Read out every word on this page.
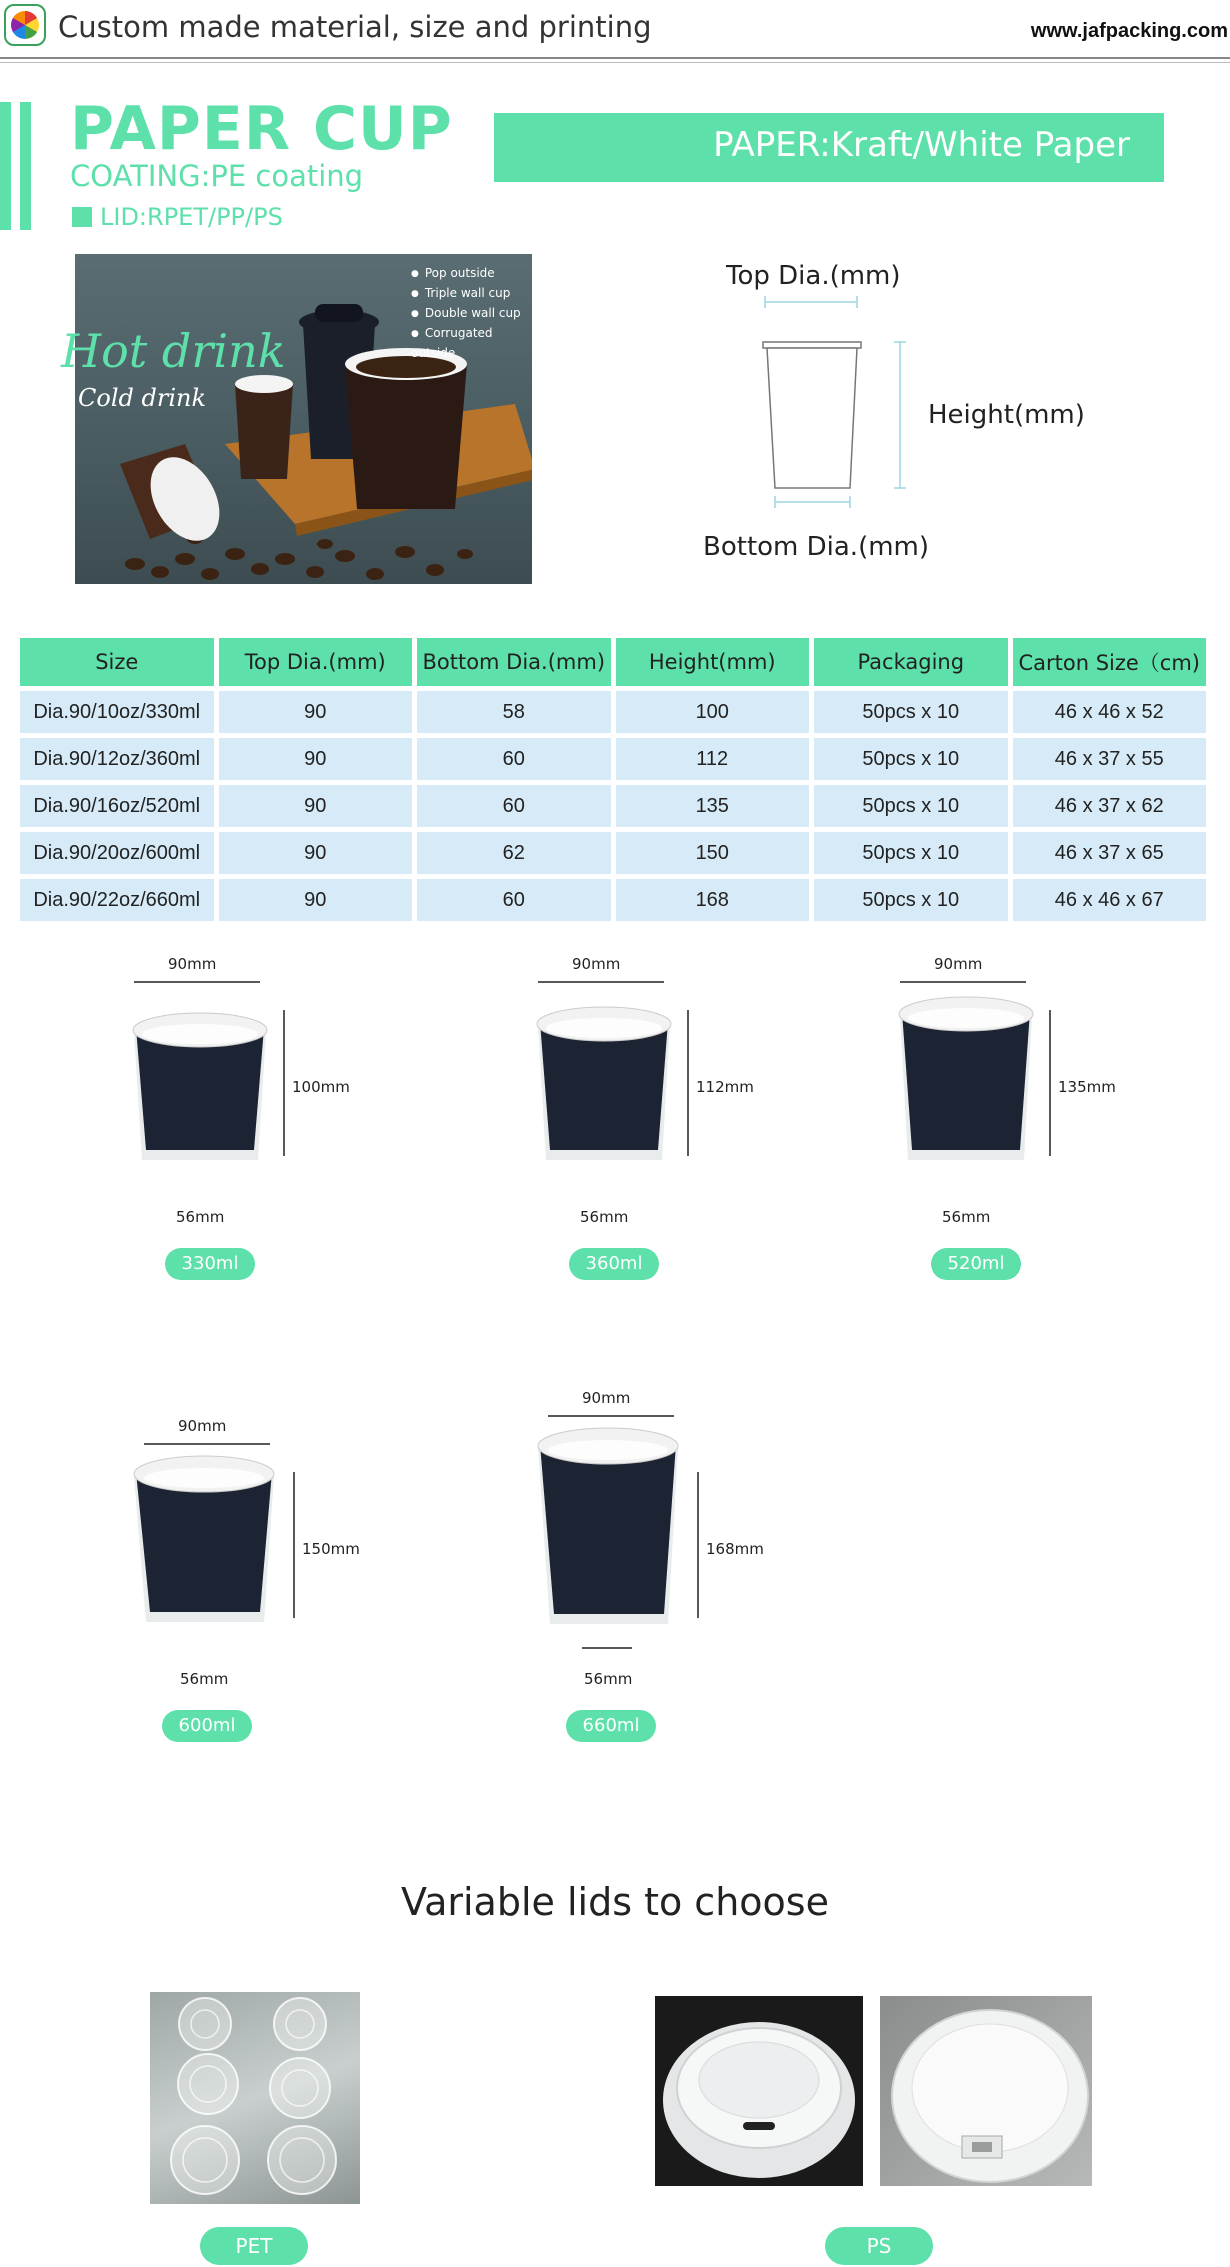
Custom made material, size and printing	www.jafpacking.com
PAPER CUP
COATING:PE coating
LID:RPET/PP/PS
PAPER:Kraft/White Paper
● Pop outside
● Triple wall cup
● Double wall cup
● Corrugated outside
Hot drink
Cold drink
Top Dia.(mm)
Height(mm)
Bottom Dia.(mm)
Size	Top Dia.(mm)	Bottom Dia.(mm)	Height(mm)	Packaging	Carton Size（cm)
Dia.90/10oz/330ml	90	58	100	50pcs x 10	46 x 46 x 52
Dia.90/12oz/360ml	90	60	112	50pcs x 10	46 x 37 x 55
Dia.90/16oz/520ml	90	60	135	50pcs x 10	46 x 37 x 62
Dia.90/20oz/600ml	90	62	150	50pcs x 10	46 x 37 x 65
Dia.90/22oz/660ml	90	60	168	50pcs x 10	46 x 46 x 67
90mm
100mm
56mm
330ml
90mm
112mm
56mm
360ml
90mm
135mm
56mm
520ml
90mm
150mm
56mm
600ml
90mm
168mm
56mm
660ml
Variable lids to choose
PET	PS
